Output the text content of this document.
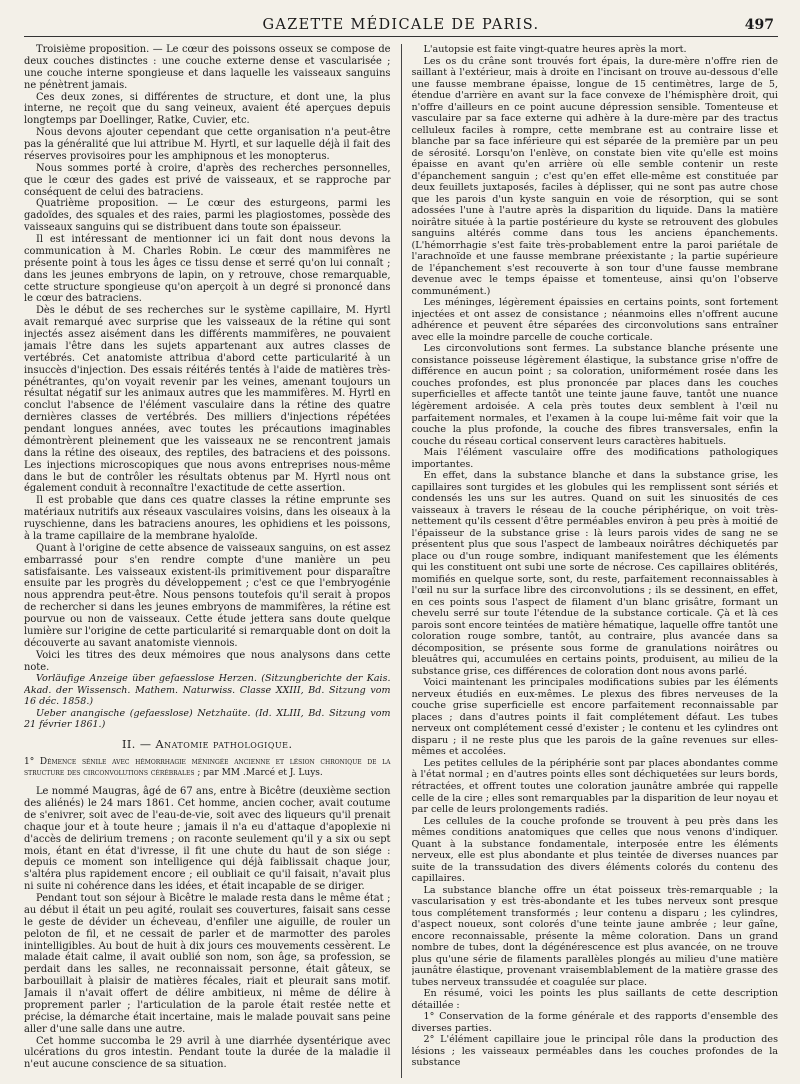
GAZETTE MÉDICALE DE PARIS.	497

Troisième proposition. — Le cœur des poissons osseux se compose de deux couches distinctes : une couche externe dense et vascularisée ; une couche interne spongieuse et dans laquelle les vaisseaux sanguins ne pénètrent jamais.

Ces deux zones, si différentes de structure, et dont une, la plus interne, ne reçoit que du sang veineux, avaient été aperçues depuis longtemps par Doellinger, Ratke, Cuvier, etc.

Nous devons ajouter cependant que cette organisation n'a peut-être pas la généralité que lui attribue M. Hyrtl, et sur laquelle déjà il fait des réserves provisoires pour les amphipnous et les monopterus.

Nous sommes porté à croire, d'après des recherches personnelles, que le cœur des gades est privé de vaisseaux, et se rapproche par conséquent de celui des batraciens.

Quatrième proposition. — Le cœur des esturgeons, parmi les gadoïdes, des squales et des raies, parmi les plagiostomes, possède des vaisseaux sanguins qui se distribuent dans toute son épaisseur.

Il est intéressant de mentionner ici un fait dont nous devons la communication à M. Charles Robin. Le cœur des mammifères ne présente point à tous les âges ce tissu dense et serré qu'on lui connaît ; dans les jeunes embryons de lapin, on y retrouve, chose remarquable, cette structure spongieuse qu'on aperçoit à un degré si prononcé dans le cœur des batraciens.

Dès le début de ses recherches sur le système capillaire, M. Hyrtl avait remarqué avec surprise que les vaisseaux de la rétine qui sont injectés assez aisément dans les différents mammifères, ne pouvaient jamais l'être dans les sujets appartenant aux autres classes de vertébrés. Cet anatomiste attribua d'abord cette particularité à un insuccès d'injection. Des essais réitérés tentés à l'aide de matières très-pénétrantes, qu'on voyait revenir par les veines, amenant toujours un résultat négatif sur les animaux autres que les mammifères. M. Hyrtl en conclut l'absence de l'élément vasculaire dans la rétine des quatre dernières classes de vertébrés. Des milliers d'injections répétées pendant longues années, avec toutes les précautions imaginables démontrèrent pleinement que les vaisseaux ne se rencontrent jamais dans la rétine des oiseaux, des reptiles, des batraciens et des poissons. Les injections microscopiques que nous avons entreprises nous-même dans le but de contrôler les résultats obtenus par M. Hyrtl nous ont également conduit à reconnaître l'exactitude de cette assertion.

Il est probable que dans ces quatre classes la rétine emprunte ses matériaux nutritifs aux réseaux vasculaires voisins, dans les oiseaux à la ruyschienne, dans les batraciens anoures, les ophidiens et les poissons, à la trame capillaire de la membrane hyaloïde.

Quant à l'origine de cette absence de vaisseaux sanguins, on est assez embarrassé pour s'en rendre compte d'une manière un peu satisfaisante. Les vaisseaux existent-ils primitivement pour disparaître ensuite par les progrès du développement ; c'est ce que l'embryogénie nous apprendra peut-être. Nous pensons toutefois qu'il serait à propos de rechercher si dans les jeunes embryons de mammifères, la rétine est pourvue ou non de vaisseaux. Cette étude jettera sans doute quelque lumière sur l'origine de cette particularité si remarquable dont on doit la découverte au savant anatomiste viennois.

Voici les titres des deux mémoires que nous analysons dans cette note.

Vorläufige Anzeige über gefaesslose Herzen. (Sitzungberichte der Kais. Akad. der Wissensch. Mathem. Naturwiss. Classe XXIII, Bd. Sitzung vom 16 déc. 1858.)

Ueber anangische (gefaesslose) Netzhaüte. (Id. XLIII, Bd. Sitzung vom 21 février 1861.)

II. — Anatomie pathologique.

1° Démence sénile avec hémorrhagie méningée ancienne et lésion chronique de la structure des circonvolutions cérébrales ; par MM .Marcé et J. Luys.

Le nommé Maugras, âgé de 67 ans, entre à Bicêtre (deuxième section des aliénés) le 24 mars 1861. Cet homme, ancien cocher, avait coutume de s'enivrer, soit avec de l'eau-de-vie, soit avec des liqueurs qu'il prenait chaque jour et à toute heure ; jamais il n'a eu d'attaque d'apoplexie ni d'accès de delirium tremens ; on raconte seulement qu'il y a six ou sept mois, étant en état d'ivresse, il fit une chute du haut de son siége : depuis ce moment son intelligence qui déjà faiblissait chaque jour, s'altéra plus rapidement encore ; eil oubliait ce qu'il faisait, n'avait plus ni suite ni cohérence dans les idées, et était incapable de se diriger.

Pendant tout son séjour à Bicêtre le malade resta dans le même état ; au début il était un peu agité, roulait ses couvertures, faisait sans cesse le geste de dévider un écheveau, d'enfiler une aiguille, de rouler un peloton de fil, et ne cessait de parler et de marmotter des paroles inintelligibles. Au bout de huit à dix jours ces mouvements cessèrent. Le malade était calme, il avait oublié son nom, son âge, sa profession, se perdait dans les salles, ne reconnaissait personne, était gâteux, se barbouillait à plaisir de matières fécales, riait et pleurait sans motif. Jamais il n'avait offert de délire ambitieux, ni même de délire à proprement parler ; l'articulation de la parole était restée nette et précise, la démarche était incertaine, mais le malade pouvait sans peine aller d'une salle dans une autre.

Cet homme succomba le 29 avril à une diarrhée dysentérique avec ulcérations du gros intestin. Pendant toute la durée de la maladie il n'eut aucune conscience de sa situation.

L'autopsie est faite vingt-quatre heures après la mort.

Les os du crâne sont trouvés fort épais, la dure-mère n'offre rien de saillant à l'extérieur, mais à droite en l'incisant on trouve au-dessous d'elle une fausse membrane épaisse, longue de 15 centimètres, large de 5, étendue d'arrière en avant sur la face convexe de l'hémisphère droit, qui n'offre d'ailleurs en ce point aucune dépression sensible. Tomenteuse et vasculaire par sa face externe qui adhère à la dure-mère par des tractus celluleux faciles à rompre, cette membrane est au contraire lisse et blanche par sa face inférieure qui est séparée de la première par un peu de sérosité. Lorsqu'on l'enlève, on constate bien vite qu'elle est moins épaisse en avant qu'en arrière où elle semble contenir un reste d'épanchement sanguin ; c'est qu'en effet elle-même est constituée par deux feuillets juxtaposés, faciles à déplisser, qui ne sont pas autre chose que les parois d'un kyste sanguin en voie de résorption, qui se sont adossées l'une à l'autre après la disparition du liquide. Dans la matière noirâtre située à la partie postérieure du kyste se retrouvent des globules sanguins altérés comme dans tous les anciens épanchements. (L'hémorrhagie s'est faite très-probablement entre la paroi pariétale de l'arachnoïde et une fausse membrane préexistante ; la partie supérieure de l'épanchement s'est recouverte à son tour d'une fausse membrane devenue avec le temps épaisse et tomenteuse, ainsi qu'on l'observe communément.)

Les méninges, légèrement épaissies en certains points, sont fortement injectées et ont assez de consistance ; néanmoins elles n'offrent aucune adhérence et peuvent être séparées des circonvolutions sans entraîner avec elle la moindre parcelle de couche corticale.

Les circonvolutions sont fermes. La substance blanche présente une consistance poisseuse légèrement élastique, la substance grise n'offre de différence en aucun point ; sa coloration, uniformément rosée dans les couches profondes, est plus prononcée par places dans les couches superficielles et affecte tantôt une teinte jaune fauve, tantôt une nuance légèrement ardoisée. A cela près toutes deux semblent à l'œil nu parfaitement normales, et l'examen à la coupe lui-même fait voir que la couche la plus profonde, la couche des fibres transversales, enfin la couche du réseau cortical conservent leurs caractères habituels.

Mais l'élément vasculaire offre des modifications pathologiques importantes.

En effet, dans la substance blanche et dans la substance grise, les capillaires sont turgides et les globules qui les remplissent sont sériés et condensés les uns sur les autres. Quand on suit les sinuosités de ces vaisseaux à travers le réseau de la couche périphérique, on voit très-nettement qu'ils cessent d'être perméables environ à peu près à moitié de l'épaisseur de la substance grise : là leurs parois vides de sang ne se présentent plus que sous l'aspect de lambeaux noirâtres déchiquetés par place ou d'un rouge sombre, indiquant manifestement que les éléments qui les constituent ont subi une sorte de nécrose. Ces capillaires oblitérés, momifiés en quelque sorte, sont, du reste, parfaitement reconnaissables à l'œil nu sur la surface libre des circonvolutions ; ils se dessinent, en effet, en ces points sous l'aspect de filament d'un blanc grisâtre, formant un chevelu serré sur toute l'étendue de la substance corticale. Çà et là ces parois sont encore teintées de matière hématique, laquelle offre tantôt une coloration rouge sombre, tantôt, au contraire, plus avancée dans sa décomposition, se présente sous forme de granulations noirâtres ou bleuâtres qui, accumulées en certains points, produisent, au milieu de la substance grise, ces différences de coloration dont nous avons parlé.

Voici maintenant les principales modifications subies par les éléments nerveux étudiés en eux-mêmes. Le plexus des fibres nerveuses de la couche grise superficielle est encore parfaitement reconnaissable par places ; dans d'autres points il fait complétement défaut. Les tubes nerveux ont complétement cessé d'exister ; le contenu et les cylindres ont disparu ; il ne reste plus que les parois de la gaîne revenues sur elles-mêmes et accolées.

Les petites cellules de la périphérie sont par places abondantes comme à l'état normal ; en d'autres points elles sont déchiquetées sur leurs bords, rétractées, et offrent toutes une coloration jaunâtre ambrée qui rappelle celle de la cire ; elles sont remarquables par la disparition de leur noyau et par celle de leurs prolongements radiés.

Les cellules de la couche profonde se trouvent à peu près dans les mêmes conditions anatomiques que celles que nous venons d'indiquer. Quant à la substance fondamentale, interposée entre les éléments nerveux, elle est plus abondante et plus teintée de diverses nuances par suite de la transsudation des divers éléments colorés du contenu des capillaires.

La substance blanche offre un état poisseux très-remarquable ; la vascularisation y est très-abondante et les tubes nerveux sont presque tous complétement transformés ; leur contenu a disparu ; les cylindres, d'aspect noueux, sont colorés d'une teinte jaune ambrée ; leur gaîne, encore reconnaissable, présente la même coloration. Dans un grand nombre de tubes, dont la dégénérescence est plus avancée, on ne trouve plus qu'une série de filaments parallèles plongés au milieu d'une matière jaunâtre élastique, provenant vraisemblablement de la matière grasse des tubes nerveux transsudée et coagulée sur place.

En résumé, voici les points les plus saillants de cette description détaillée :

1° Conservation de la forme générale et des rapports d'ensemble des diverses parties.

2° L'élément capillaire joue le principal rôle dans la production des lésions ; les vaisseaux perméables dans les couches profondes de la substance
